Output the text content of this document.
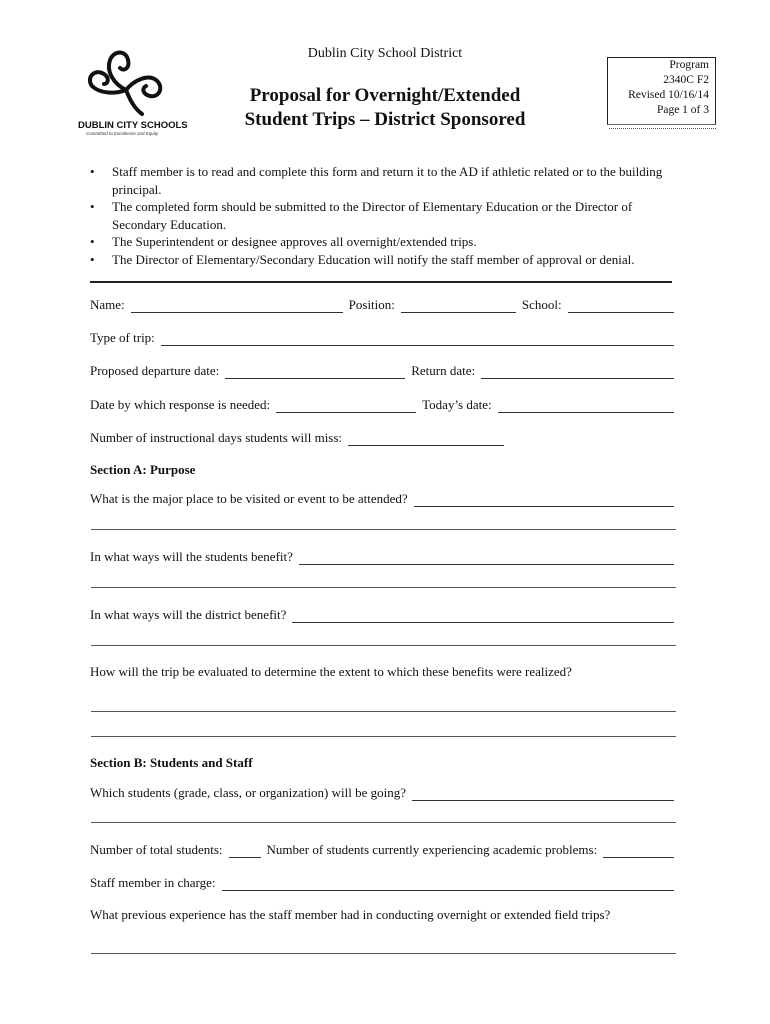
DUBLIN CITY SCHOOLS
Committed to Excellence and Equity
Dublin City School District
Proposal for Overnight/Extended
Student Trips – District Sponsored
Program
2340C F2
Revised 10/16/14
Page 1 of 3
• Staff member is to read and complete this form and return it to the AD if athletic related or to the building principal.
• The completed form should be submitted to the Director of Elementary Education or the Director of Secondary Education.
• The Superintendent or designee approves all overnight/extended trips.
• The Director of Elementary/Secondary Education will notify the staff member of approval or denial.
Name:	Position:	School:
Type of trip:
Proposed departure date:	Return date:
Date by which response is needed:	Today’s date:
Number of instructional days students will miss:
Section A: Purpose
What is the major place to be visited or event to be attended?
In what ways will the students benefit?
In what ways will the district benefit?
How will the trip be evaluated to determine the extent to which these benefits were realized?
Section B: Students and Staff
Which students (grade, class, or organization) will be going?
Number of total students:	Number of students currently experiencing academic problems:
Staff member in charge:
What previous experience has the staff member had in conducting overnight or extended field trips?
